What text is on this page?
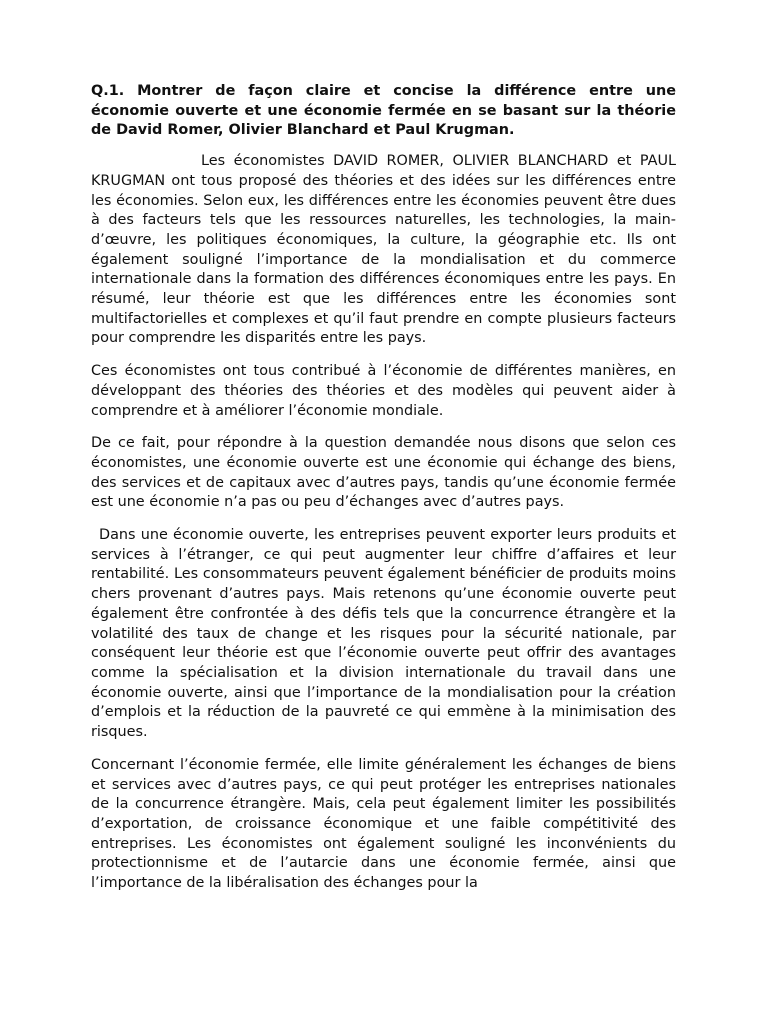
Q.1. Montrer de façon claire et concise la différence entre une économie ouverte et une économie fermée en se basant sur la théorie de David Romer, Olivier Blanchard et Paul Krugman.

Les économistes DAVID ROMER, OLIVIER BLANCHARD et PAUL KRUGMAN ont tous proposé des théories et des idées sur les différences entre les économies. Selon eux, les différences entre les économies peuvent être dues à des facteurs tels que les ressources naturelles, les technologies, la main-d’œuvre, les politiques économiques, la culture, la géographie etc. Ils ont également souligné l’importance de la mondialisation et du commerce internationale dans la formation des différences économiques entre les pays. En résumé, leur théorie est que les différences entre les économies sont multifactorielles et complexes et qu’il faut prendre en compte plusieurs facteurs pour comprendre les disparités entre les pays.

Ces économistes ont tous contribué à l’économie de différentes manières, en développant des théories des théories et des modèles qui peuvent aider à comprendre et à améliorer l’économie mondiale.

De ce fait, pour répondre à la question demandée nous disons que selon ces économistes, une économie ouverte est une économie qui échange des biens, des services et de capitaux avec d’autres pays, tandis qu’une économie fermée est une économie n’a pas ou peu d’échanges avec d’autres pays.

Dans une économie ouverte, les entreprises peuvent exporter leurs produits et services à l’étranger, ce qui peut augmenter leur chiffre d’affaires et leur rentabilité. Les consommateurs peuvent également bénéficier de produits moins chers provenant d’autres pays. Mais retenons qu’une économie ouverte peut également être confrontée à des défis tels que la concurrence étrangère et la volatilité des taux de change et les risques pour la sécurité nationale, par conséquent leur théorie est que l’économie ouverte peut offrir des avantages comme la spécialisation et la division internationale du travail dans une économie ouverte, ainsi que l’importance de la mondialisation pour la création d’emplois et la réduction de la pauvreté ce qui emmène à la minimisation des risques.

Concernant l’économie fermée, elle limite généralement les échanges de biens et services avec d’autres pays, ce qui peut protéger les entreprises nationales de la concurrence étrangère. Mais, cela peut également limiter les possibilités d’exportation, de croissance économique et une faible compétitivité des entreprises. Les économistes ont également souligné les inconvénients du protectionnisme et de l’autarcie dans une économie fermée, ainsi que l’importance de la libéralisation des échanges pour la
